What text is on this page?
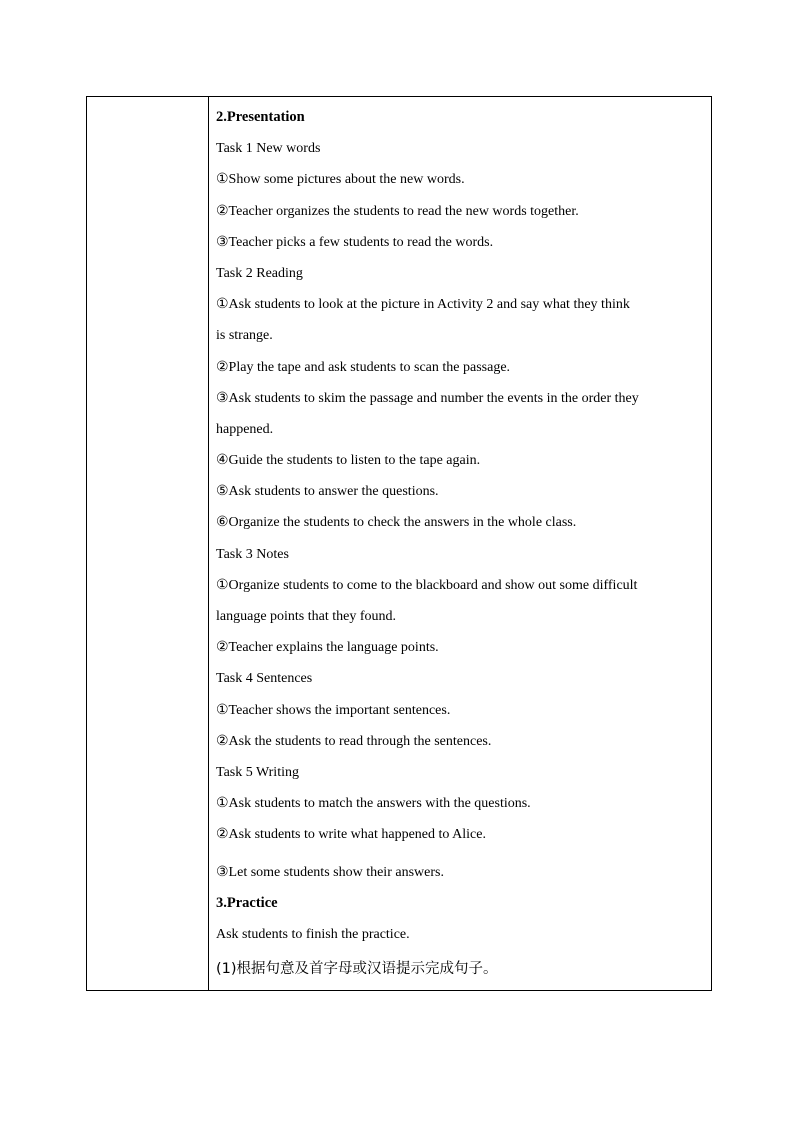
2.Presentation
Task 1 New words
①Show some pictures about the new words.
②Teacher organizes the students to read the new words together.
③Teacher picks a few students to read the words.
Task 2 Reading
①Ask students to look at the picture in Activity 2 and say what they think
is strange.
②Play the tape and ask students to scan the passage.
③Ask students to skim the passage and number the events in the order they
happened.
④Guide the students to listen to the tape again.
⑤Ask students to answer the questions.
⑥Organize the students to check the answers in the whole class.
Task 3 Notes
①Organize students to come to the blackboard and show out some difficult
language points that they found.
②Teacher explains the language points.
Task 4 Sentences
①Teacher shows the important sentences.
②Ask the students to read through the sentences.
Task 5 Writing
①Ask students to match the answers with the questions.
②Ask students to write what happened to Alice.
③Let some students show their answers.
3.Practice
Ask students to finish the practice.
(1)根据句意及首字母或汉语提示完成句子。
